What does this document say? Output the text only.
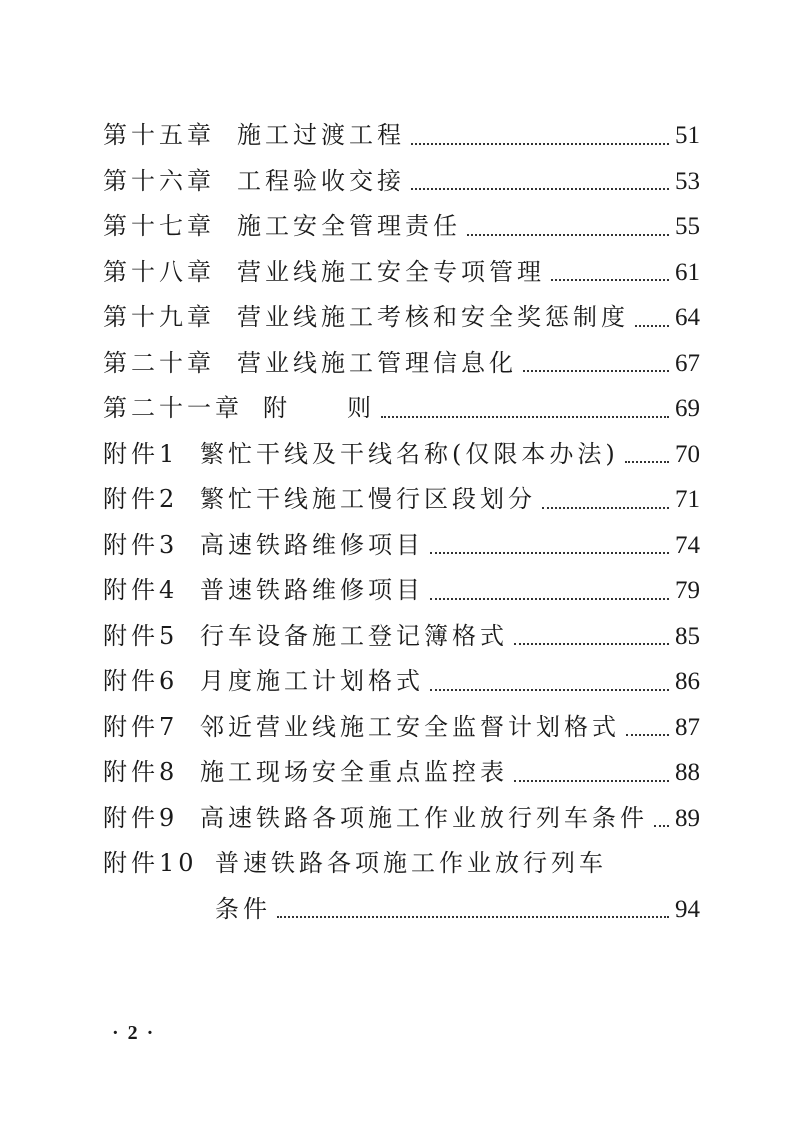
第十五章 施工过渡工程	51
第十六章 工程验收交接	53
第十七章 施工安全管理责任	55
第十八章 营业线施工安全专项管理	61
第十九章 营业线施工考核和安全奖惩制度 64
第二十章 营业线施工管理信息化	67
第二十一章 附　　则	69
附件1 繁忙干线及干线名称(仅限本办法) 70
附件2 繁忙干线施工慢行区段划分	71
附件3 高速铁路维修项目	74
附件4 普速铁路维修项目	79
附件5 行车设备施工登记簿格式	85
附件6 月度施工计划格式	86
附件7 邻近营业线施工安全监督计划格式 87
附件8 施工现场安全重点监控表	88
附件9 高速铁路各项施工作业放行列车条件 89
附件10 普速铁路各项施工作业放行列车
条件	94
· 2 ·
